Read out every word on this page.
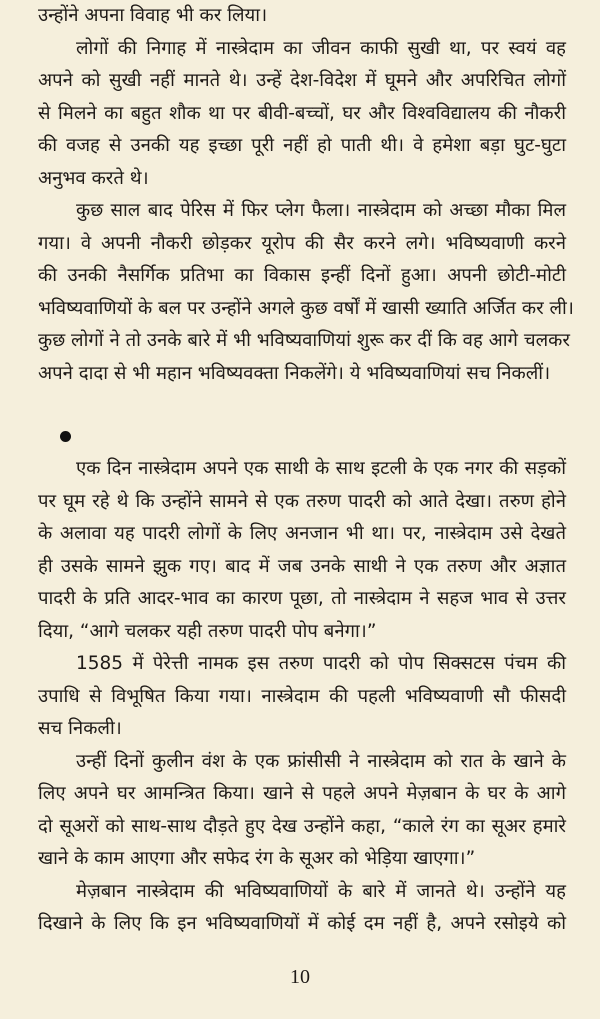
उन्होंने अपना विवाह भी कर लिया।
लोगों की निगाह में नास्त्रेदाम का जीवन काफी सुखी था, पर स्वयं वह
अपने को सुखी नहीं मानते थे। उन्हें देश-विदेश में घूमने और अपरिचित लोगों
से मिलने का बहुत शौक था पर बीवी-बच्चों, घर और विश्वविद्यालय की नौकरी
की वजह से उनकी यह इच्छा पूरी नहीं हो पाती थी। वे हमेशा बड़ा घुट-घुटा
अनुभव करते थे।
कुछ साल बाद पेरिस में फिर प्लेग फैला। नास्त्रेदाम को अच्छा मौका मिल
गया। वे अपनी नौकरी छोड़कर यूरोप की सैर करने लगे। भविष्यवाणी करने
की उनकी नैसर्गिक प्रतिभा का विकास इन्हीं दिनों हुआ। अपनी छोटी-मोटी
भविष्यवाणियों के बल पर उन्होंने अगले कुछ वर्षों में खासी ख्याति अर्जित कर ली।
कुछ लोगों ने तो उनके बारे में भी भविष्यवाणियां शुरू कर दीं कि वह आगे चलकर
अपने दादा से भी महान भविष्यवक्ता निकलेंगे। ये भविष्यवाणियां सच निकलीं।
एक दिन नास्त्रेदाम अपने एक साथी के साथ इटली के एक नगर की सड़कों
पर घूम रहे थे कि उन्होंने सामने से एक तरुण पादरी को आते देखा। तरुण होने
के अलावा यह पादरी लोगों के लिए अनजान भी था। पर, नास्त्रेदाम उसे देखते
ही उसके सामने झुक गए। बाद में जब उनके साथी ने एक तरुण और अज्ञात
पादरी के प्रति आदर-भाव का कारण पूछा, तो नास्त्रेदाम ने सहज भाव से उत्तर
दिया, “आगे चलकर यही तरुण पादरी पोप बनेगा।”
1585 में पेरेत्ती नामक इस तरुण पादरी को पोप सिक्सटस पंचम की
उपाधि से विभूषित किया गया। नास्त्रेदाम की पहली भविष्यवाणी सौ फीसदी
सच निकली।
उन्हीं दिनों कुलीन वंश के एक फ्रांसीसी ने नास्त्रेदाम को रात के खाने के
लिए अपने घर आमन्त्रित किया। खाने से पहले अपने मेज़बान के घर के आगे
दो सूअरों को साथ-साथ दौड़ते हुए देख उन्होंने कहा, “काले रंग का सूअर हमारे
खाने के काम आएगा और सफेद रंग के सूअर को भेड़िया खाएगा।”
मेज़बान नास्त्रेदाम की भविष्यवाणियों के बारे में जानते थे। उन्होंने यह
दिखाने के लिए कि इन भविष्यवाणियों में कोई दम नहीं है, अपने रसोइये को
10
